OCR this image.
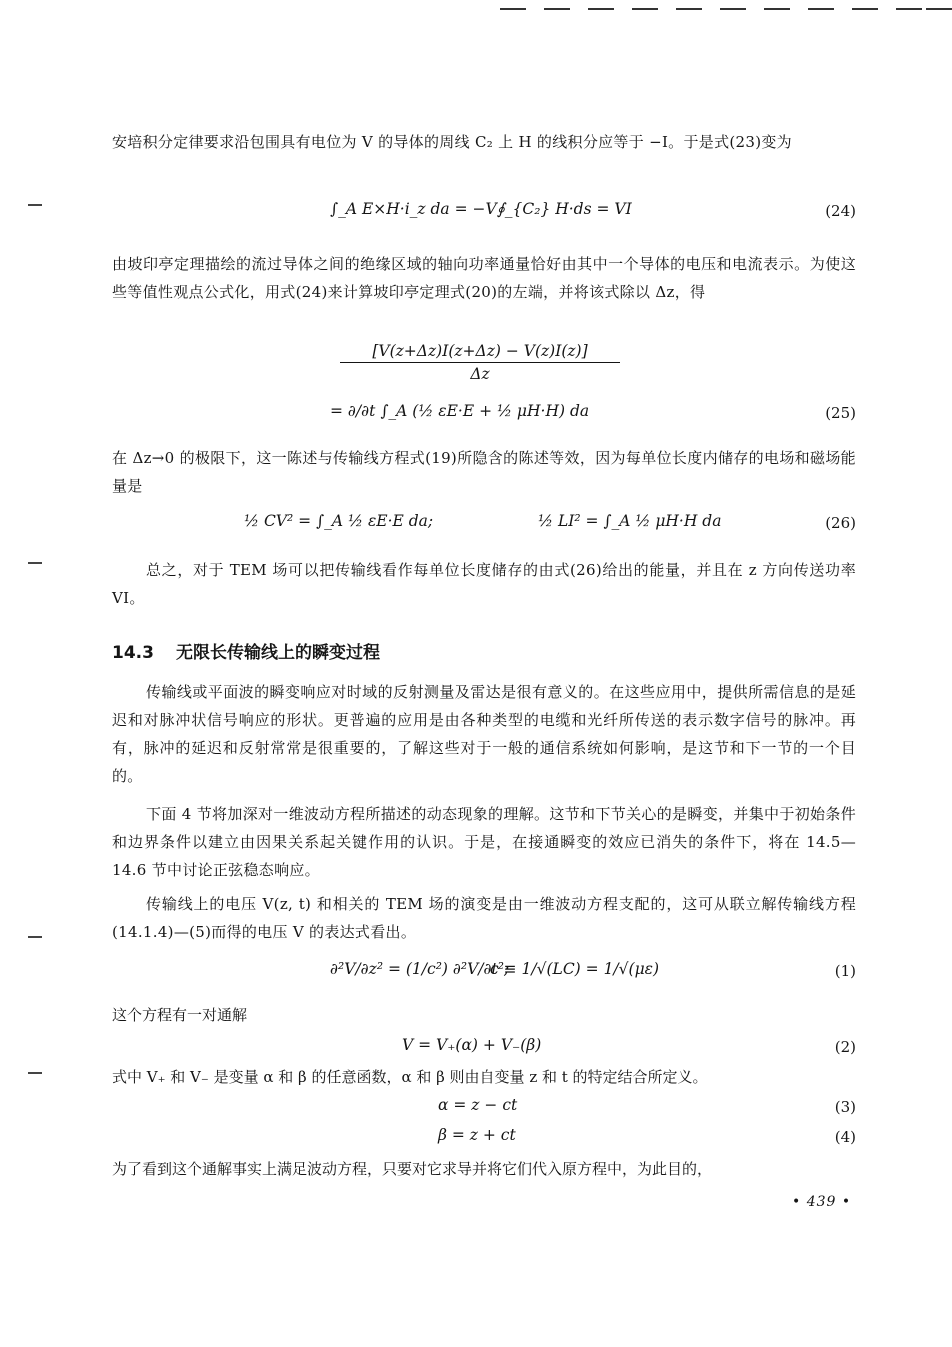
安培积分定律要求沿包围具有电位为 V 的导体的周线 C₂ 上 H 的线积分应等于 −I。于是式(23)变为
∫_A E×H·i_z da = −V∮_{C₂} H·ds = VI	(24)
由坡印亭定理描绘的流过导体之间的绝缘区域的轴向功率通量恰好由其中一个导体的电压和电流表示。为使这些等值性观点公式化，用式(24)来计算坡印亭定理式(20)的左端，并将该式除以 Δz，得
$\frac{[V(z+\Delta z)I(z+\Delta z) - V(z)I(z)]}{\Delta z}$
= ∂/∂t ∫_A (½ εE·E + ½ μH·H) da	(25)
在 Δz→0 的极限下，这一陈述与传输线方程式(19)所隐含的陈述等效，因为每单位长度内储存的电场和磁场能量是
½ CV² = ∫_A ½ εE·E da;	½ LI² = ∫_A ½ μH·H da	(26)
总之，对于 TEM 场可以把传输线看作每单位长度储存的由式(26)给出的能量，并且在 z 方向传送功率 VI。
14.3 无限长传输线上的瞬变过程
传输线或平面波的瞬变响应对时域的反射测量及雷达是很有意义的。在这些应用中，提供所需信息的是延迟和对脉冲状信号响应的形状。更普遍的应用是由各种类型的电缆和光纤所传送的表示数字信号的脉冲。再有，脉冲的延迟和反射常常是很重要的，了解这些对于一般的通信系统如何影响，是这节和下一节的一个目的。
下面 4 节将加深对一维波动方程所描述的动态现象的理解。这节和下节关心的是瞬变，并集中于初始条件和边界条件以建立由因果关系起关键作用的认识。于是，在接通瞬变的效应已消失的条件下，将在 14.5—14.6 节中讨论正弦稳态响应。
传输线上的电压 V(z, t) 和相关的 TEM 场的演变是由一维波动方程支配的，这可从联立解传输线方程(14.1.4)—(5)而得的电压 V 的表达式看出。
∂²V/∂z² = (1/c²) ∂²V/∂t²;
c ≡ 1/√(LC) = 1/√(με)	(1)
这个方程有一对通解
V = V₊(α) + V₋(β)	(2)
式中 V₊ 和 V₋ 是变量 α 和 β 的任意函数，α 和 β 则由自变量 z 和 t 的特定结合所定义。
α = z − ct	(3)
β = z + ct	(4)
为了看到这个通解事实上满足波动方程，只要对它求导并将它们代入原方程中，为此目的，
• 439 •
